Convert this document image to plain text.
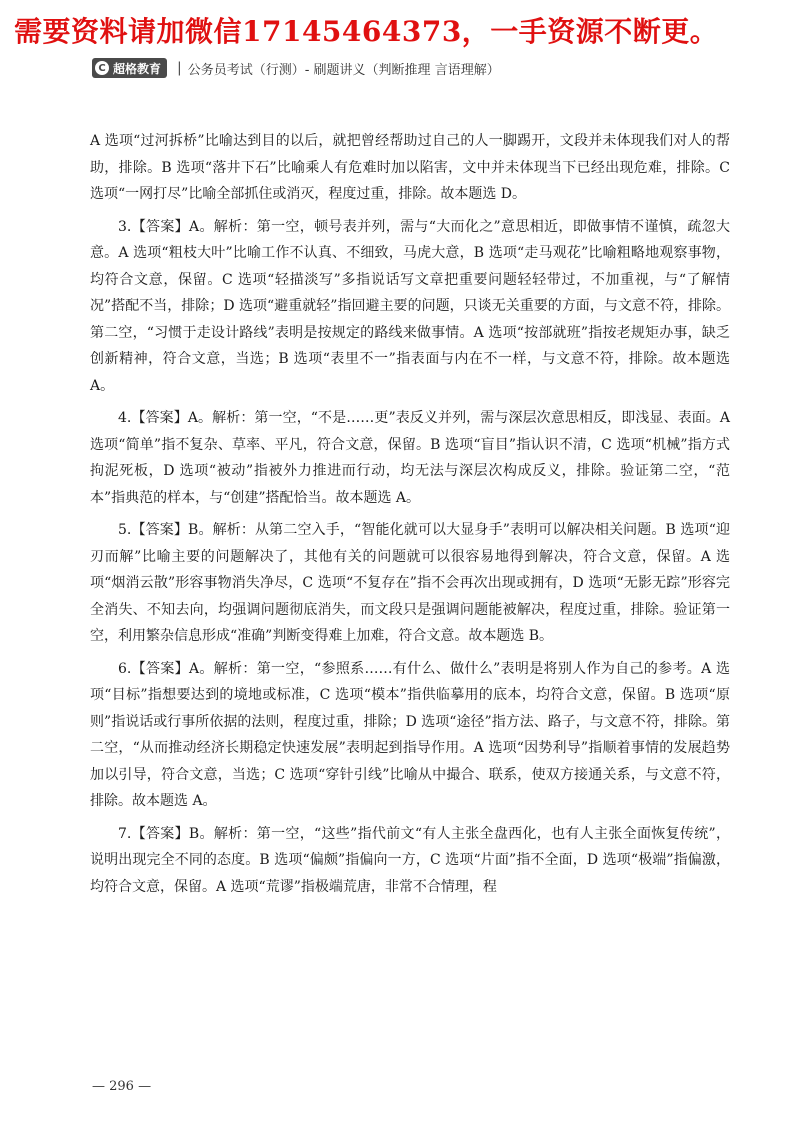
需要资料请加微信17145464373，一手资源不断更。
C 超格教育 | 公务员考试（行测）- 刷题讲义（判断推理 言语理解）

A 选项“过河拆桥”比喻达到目的以后，就把曾经帮助过自己的人一脚踢开，文段并未体现我们对人的帮助，排除。B 选项“落井下石”比喻乘人有危难时加以陷害，文中并未体现当下已经出现危难，排除。C 选项“一网打尽”比喻全部抓住或消灭，程度过重，排除。故本题选 D。

3.【答案】A。解析：第一空，顿号表并列，需与“大而化之”意思相近，即做事情不谨慎，疏忽大意。A 选项“粗枝大叶”比喻工作不认真、不细致，马虎大意，B 选项“走马观花”比喻粗略地观察事物，均符合文意，保留。C 选项“轻描淡写”多指说话写文章把重要问题轻轻带过，不加重视，与“了解情况”搭配不当，排除；D 选项“避重就轻”指回避主要的问题，只谈无关重要的方面，与文意不符，排除。第二空，“习惯于走设计路线”表明是按规定的路线来做事情。A 选项“按部就班”指按老规矩办事，缺乏创新精神，符合文意，当选；B 选项“表里不一”指表面与内在不一样，与文意不符，排除。故本题选 A。

4.【答案】A。解析：第一空，“不是……更”表反义并列，需与深层次意思相反，即浅显、表面。A 选项“简单”指不复杂、草率、平凡，符合文意，保留。B 选项“盲目”指认识不清，C 选项“机械”指方式拘泥死板，D 选项“被动”指被外力推进而行动，均无法与深层次构成反义，排除。验证第二空，“范本”指典范的样本，与“创建”搭配恰当。故本题选 A。

5.【答案】B。解析：从第二空入手，“智能化就可以大显身手”表明可以解决相关问题。B 选项“迎刃而解”比喻主要的问题解决了，其他有关的问题就可以很容易地得到解决，符合文意，保留。A 选项“烟消云散”形容事物消失净尽，C 选项“不复存在”指不会再次出现或拥有，D 选项“无影无踪”形容完全消失、不知去向，均强调问题彻底消失，而文段只是强调问题能被解决，程度过重，排除。验证第一空，利用繁杂信息形成“准确”判断变得难上加难，符合文意。故本题选 B。

6.【答案】A。解析：第一空，“参照系……有什么、做什么”表明是将别人作为自己的参考。A 选项“目标”指想要达到的境地或标准，C 选项“模本”指供临摹用的底本，均符合文意，保留。B 选项“原则”指说话或行事所依据的法则，程度过重，排除；D 选项“途径”指方法、路子，与文意不符，排除。第二空，“从而推动经济长期稳定快速发展”表明起到指导作用。A 选项“因势利导”指顺着事情的发展趋势加以引导，符合文意，当选；C 选项“穿针引线”比喻从中撮合、联系，使双方接通关系，与文意不符，排除。故本题选 A。

7.【答案】B。解析：第一空，“这些”指代前文“有人主张全盘西化，也有人主张全面恢复传统”，说明出现完全不同的态度。B 选项“偏颇”指偏向一方，C 选项“片面”指不全面，D 选项“极端”指偏激，均符合文意，保留。A 选项“荒谬”指极端荒唐，非常不合情理，程

— 296 —
